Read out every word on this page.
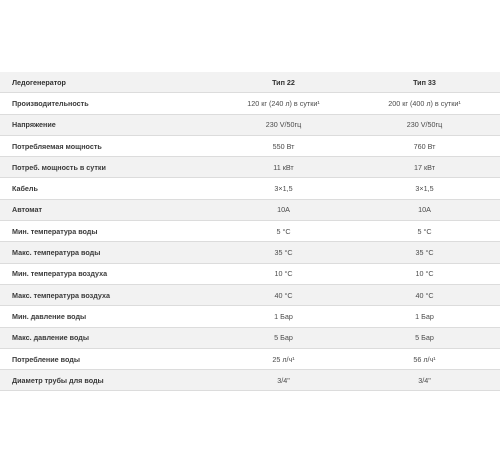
Ледогенератор	Тип 22	Тип 33
Производительность	120 кг (240 л) в сутки¹	200 кг (400 л) в сутки¹
Напряжение	230 V/50гц	230 V/50гц
Потребляемая мощность	550 Вт	760 Вт
Потреб. мощность в сутки	11 кВт	17 кВт
Кабель	3×1,5	3×1,5
Автомат	10А	10А
Мин. температура воды	5 °С	5 °С
Макс. температура воды	35 °С	35 °С
Мин. температура воздуха	10 °С	10 °С
Макс. температура воздуха	40 °С	40 °С
Мин. давление воды	1 Бар	1 Бар
Макс. давление воды	5 Бар	5 Бар
Потребление воды	25 л/ч¹	56 л/ч¹
Диаметр трубы для воды	3/4"	3/4"
